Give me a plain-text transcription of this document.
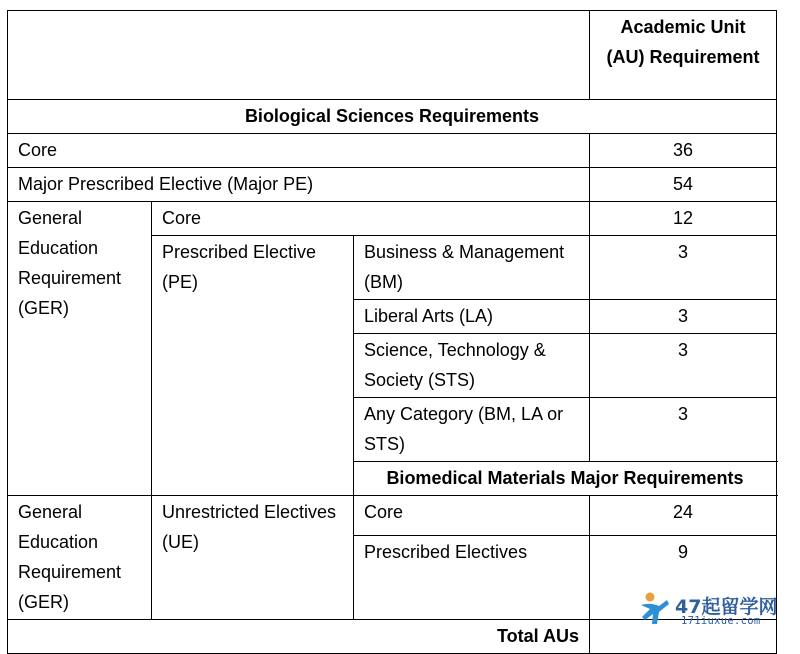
			Academic Unit (AU) Requirement
Biological Sciences Requirements			
Core			36
Major Prescribed Elective (Major PE)			54
General Education Requirement (GER)	Core		12
	Prescribed Elective (PE)	Business & Management (BM)	3
		Liberal Arts (LA)	3
		Science, Technology & Society (STS)	3
		Any Category (BM, LA or STS)	3
		Biomedical Materials Major Requirements	
General Education Requirement (GER)	Unrestricted Electives (UE)	Core	24
		Prescribed Electives	9
Total AUs			
47起留学网
171iuxue.com
